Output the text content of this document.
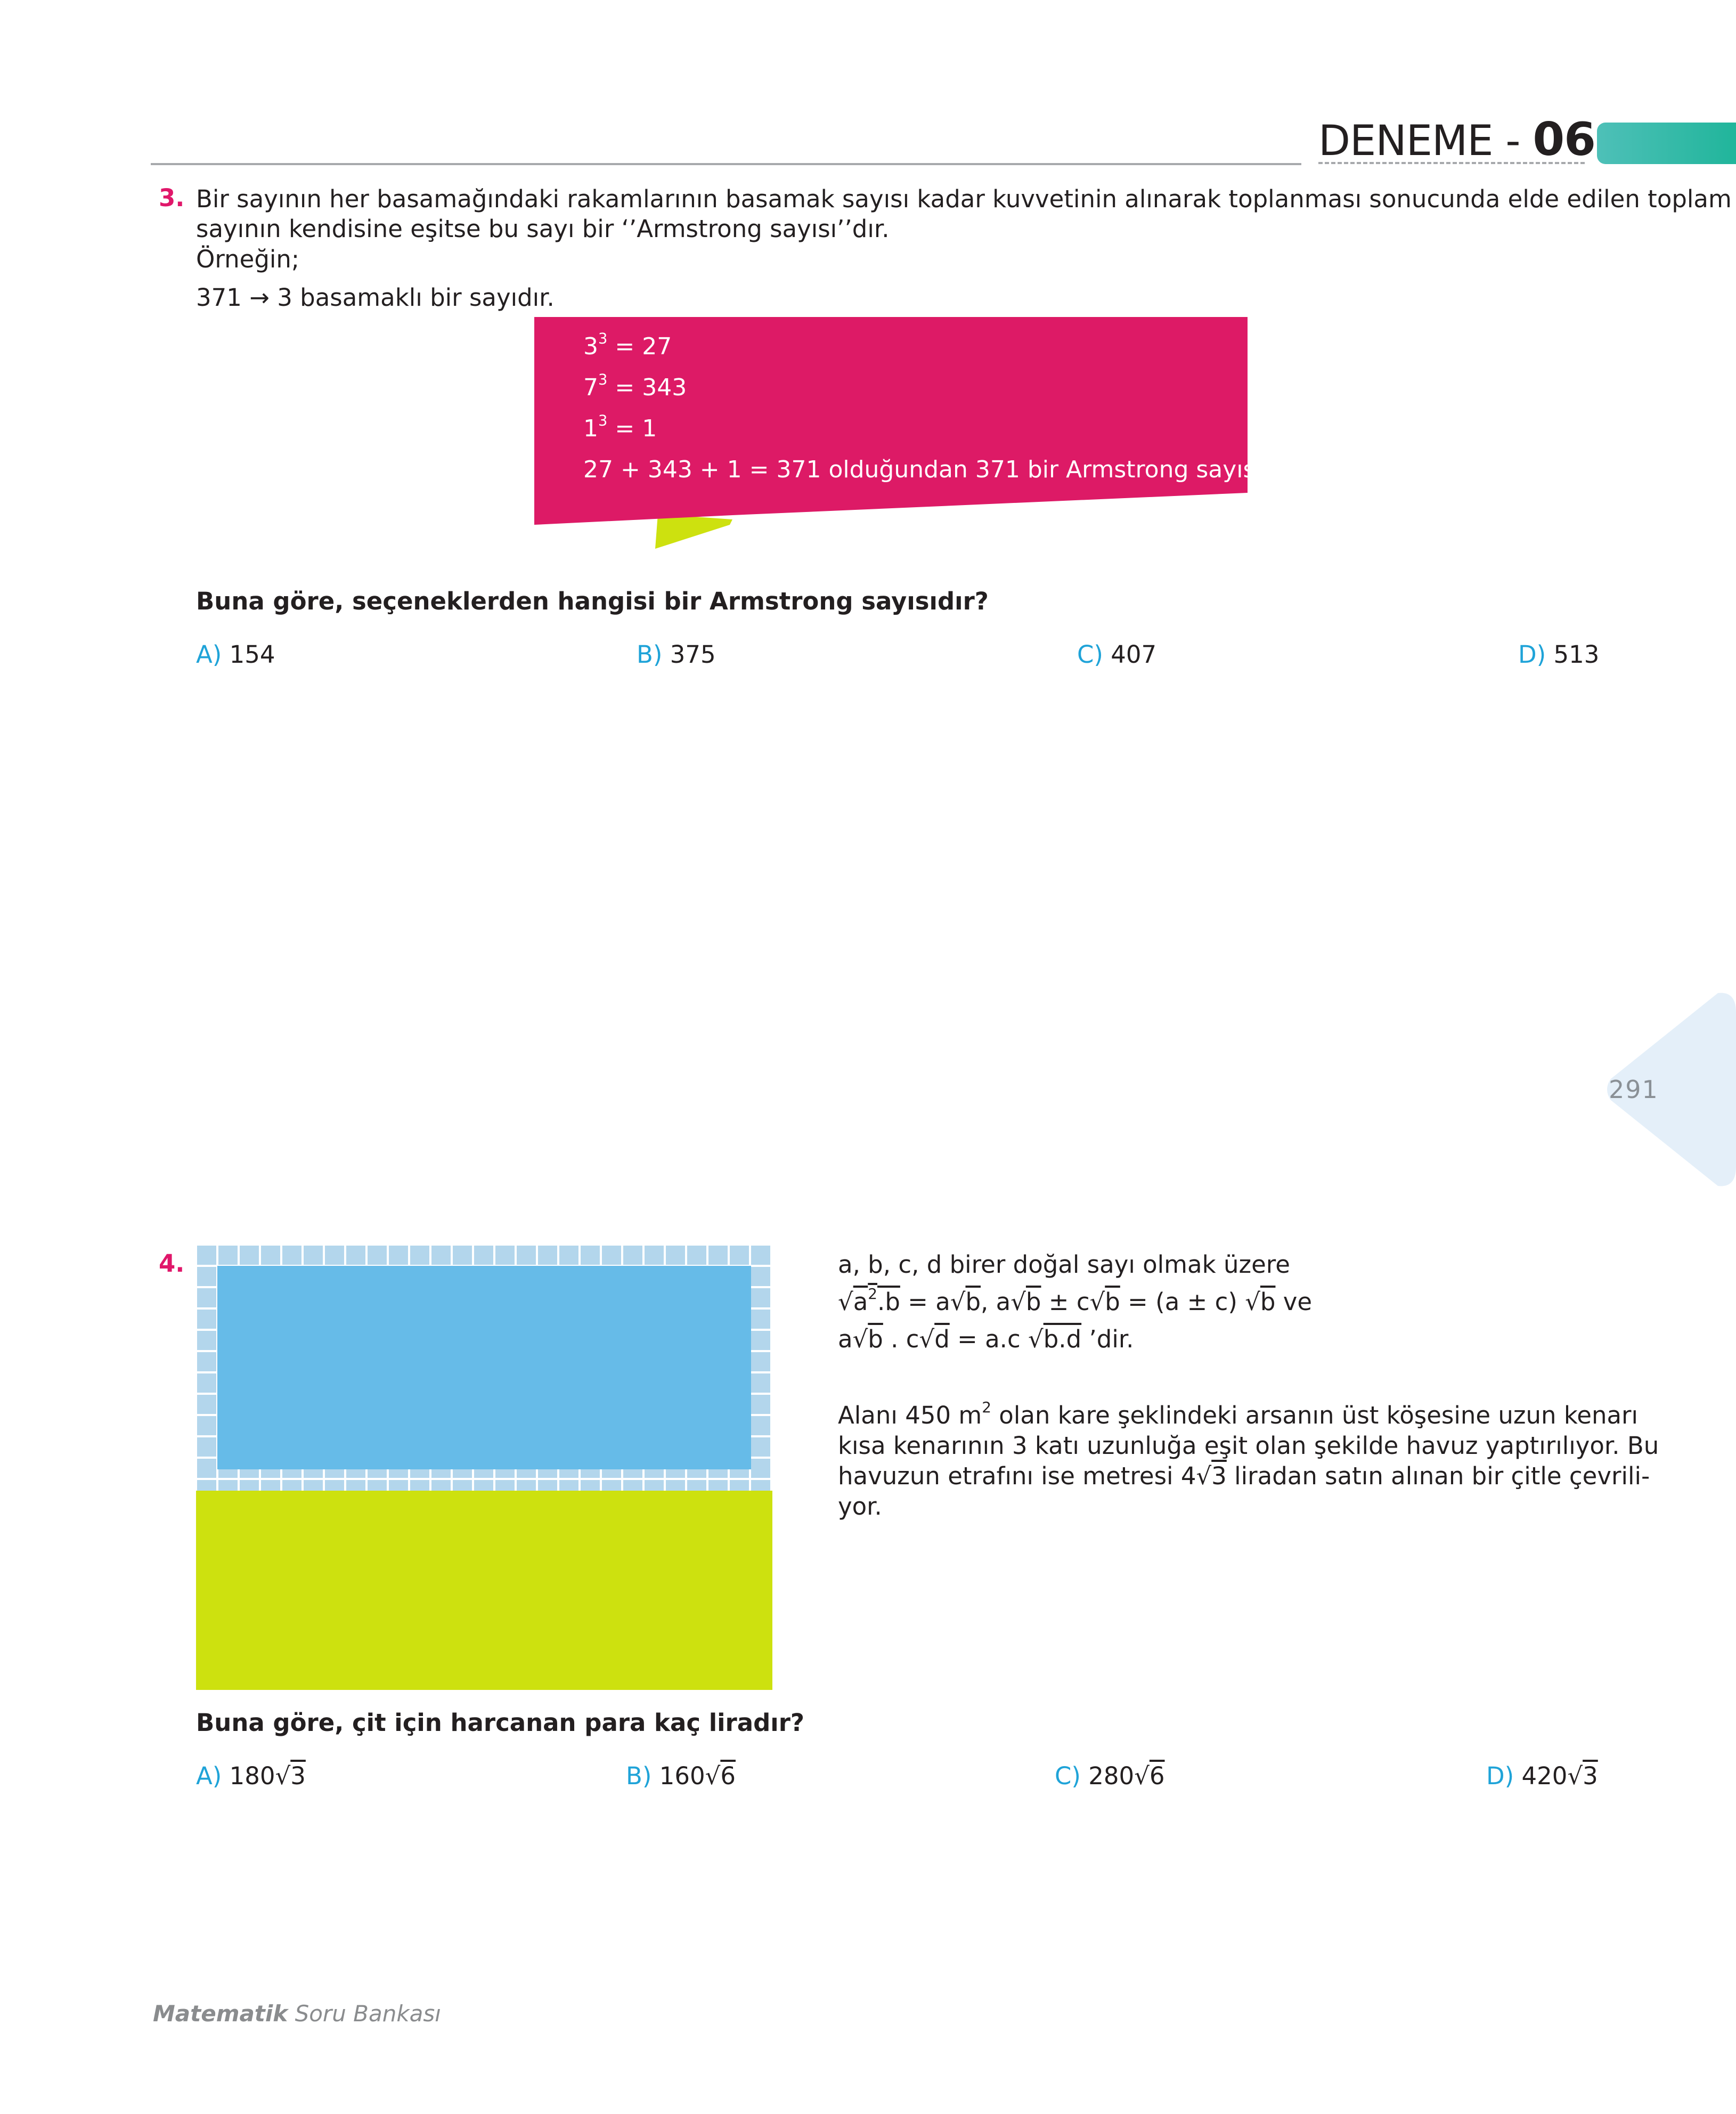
DENEME - 06
3. Bir sayının her basamağındaki rakamlarının basamak sayısı kadar kuvvetinin alınarak toplanması sonucunda elde edilen toplam
sayının kendisine eşitse bu sayı bir ‘’Armstrong sayısı’’dır.
Örneğin;
371 → 3 basamaklı bir sayıdır.
$3^3 = 27$
$7^3 = 343$
$1^3 = 1$
27 + 343 + 1 = 371 olduğundan 371 bir Armstrong sayısıdır.
Buna göre, seçeneklerden hangisi bir Armstrong sayısıdır?
A) 154	B) 375	C) 407	D) 513
291
4.	a, b, c, d birer doğal sayı olmak üzere
$√a^2.b = a√b$, a√b ± c√b = (a ± c) √b ve
a√b . c√d = a.c √b.d ’dir.
Alanı 450 $m^2$ olan kare şeklindeki arsanın üst köşesine uzun kenarı
kısa kenarının 3 katı uzunluğa eşit olan şekilde havuz yaptırılıyor. Bu
havuzun etrafını ise metresi 4√3 liradan satın alınan bir çitle çevrili-
yor.
Buna göre, çit için harcanan para kaç liradır?
A) 180√3	B) 160√6	C) 280√6	D) 420√3
Matematik Soru Bankası
